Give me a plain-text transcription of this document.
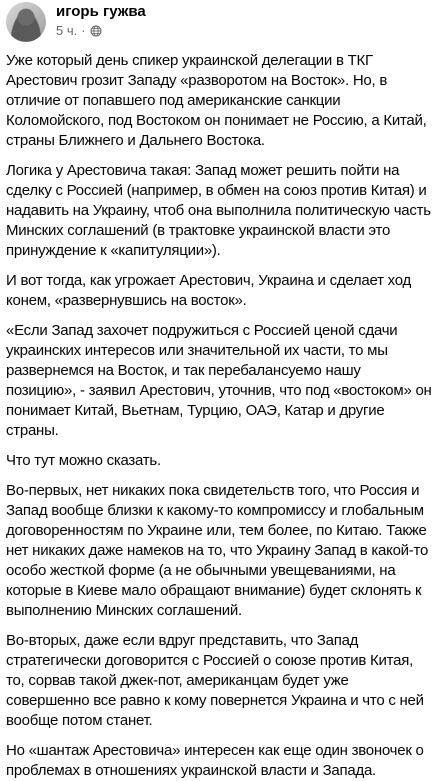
игорь гужва
5 ч. ·

Уже который день спикер украинской делегации в ТКГ Арестович грозит Западу «разворотом на Восток». Но, в отличие от попавшего под американские санкции Коломойского, под Востоком он понимает не Россию, а Китай, страны Ближнего и Дальнего Востока.

Логика у Арестовича такая: Запад может решить пойти на сделку с Россией (например, в обмен на союз против Китая) и надавить на Украину, чтоб она выполнила политическую часть Минских соглашений (в трактовке украинской власти это принуждение к «капитуляции»).

И вот тогда, как угрожает Арестович, Украина и сделает ход конем, «развернувшись на восток».

«Если Запад захочет подружиться с Россией ценой сдачи украинских интересов или значительной их части, то мы развернемся на Восток, и так перебалансуемо нашу позицию», - заявил Арестович, уточнив, что под «востоком» он понимает Китай, Вьетнам, Турцию, ОАЭ, Катар и другие страны.

Что тут можно сказать.

Во-первых, нет никаких пока свидетельств того, что Россия и Запад вообще близки к какому-то компромиссу и глобальным договоренностям по Украине или, тем более, по Китаю. Также нет никаких даже намеков на то, что Украину Запад в какой-то особо жесткой форме (а не обычными увещеваниями, на которые в Киеве мало обращают внимание) будет склонять к выполнению Минских соглашений.

Во-вторых, даже если вдруг представить, что Запад стратегически договорится с Россией о союзе против Китая, то, сорвав такой джек-пот, американцам будет уже совершенно все равно к кому повернется Украина и что с ней вообще потом станет.

Но «шантаж Арестовича» интересен как еще один звоночек о проблемах в отношениях украинской власти и Запада.
